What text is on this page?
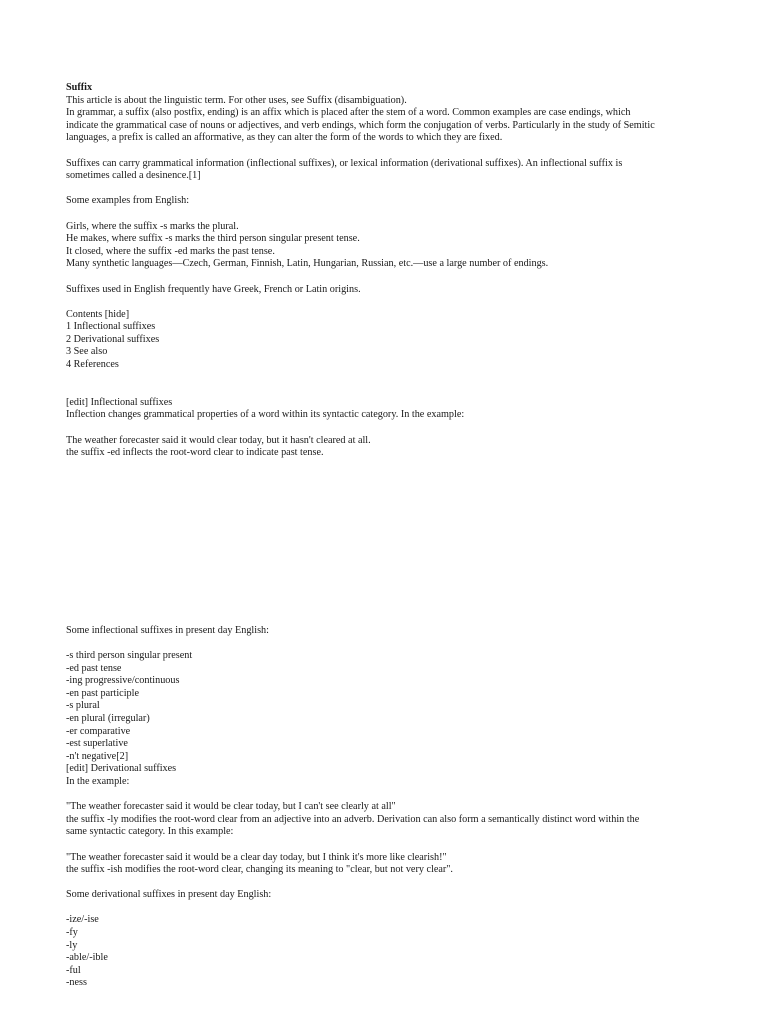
Suffix
This article is about the linguistic term. For other uses, see Suffix (disambiguation).
In grammar, a suffix (also postfix, ending) is an affix which is placed after the stem of a word. Common examples are case endings, which
indicate the grammatical case of nouns or adjectives, and verb endings, which form the conjugation of verbs. Particularly in the study of Semitic
languages, a prefix is called an afformative, as they can alter the form of the words to which they are fixed.
Suffixes can carry grammatical information (inflectional suffixes), or lexical information (derivational suffixes). An inflectional suffix is
sometimes called a desinence.[1]
Some examples from English:
Girls, where the suffix -s marks the plural.
He makes, where suffix -s marks the third person singular present tense.
It closed, where the suffix -ed marks the past tense.
Many synthetic languages—Czech, German, Finnish, Latin, Hungarian, Russian, etc.—use a large number of endings.
Suffixes used in English frequently have Greek, French or Latin origins.
Contents [hide]
1 Inflectional suffixes
2 Derivational suffixes
3 See also
4 References
[edit] Inflectional suffixes
Inflection changes grammatical properties of a word within its syntactic category. In the example:
The weather forecaster said it would clear today, but it hasn't cleared at all.
the suffix -ed inflects the root-word clear to indicate past tense.
Some inflectional suffixes in present day English:
-s third person singular present
-ed past tense
-ing progressive/continuous
-en past participle
-s plural
-en plural (irregular)
-er comparative
-est superlative
-n't negative[2]
[edit] Derivational suffixes
In the example:
"The weather forecaster said it would be clear today, but I can't see clearly at all"
the suffix -ly modifies the root-word clear from an adjective into an adverb. Derivation can also form a semantically distinct word within the
same syntactic category. In this example:
"The weather forecaster said it would be a clear day today, but I think it's more like clearish!"
the suffix -ish modifies the root-word clear, changing its meaning to "clear, but not very clear".
Some derivational suffixes in present day English:
-ize/-ise
-fy
-ly
-able/-ible
-ful
-ness
